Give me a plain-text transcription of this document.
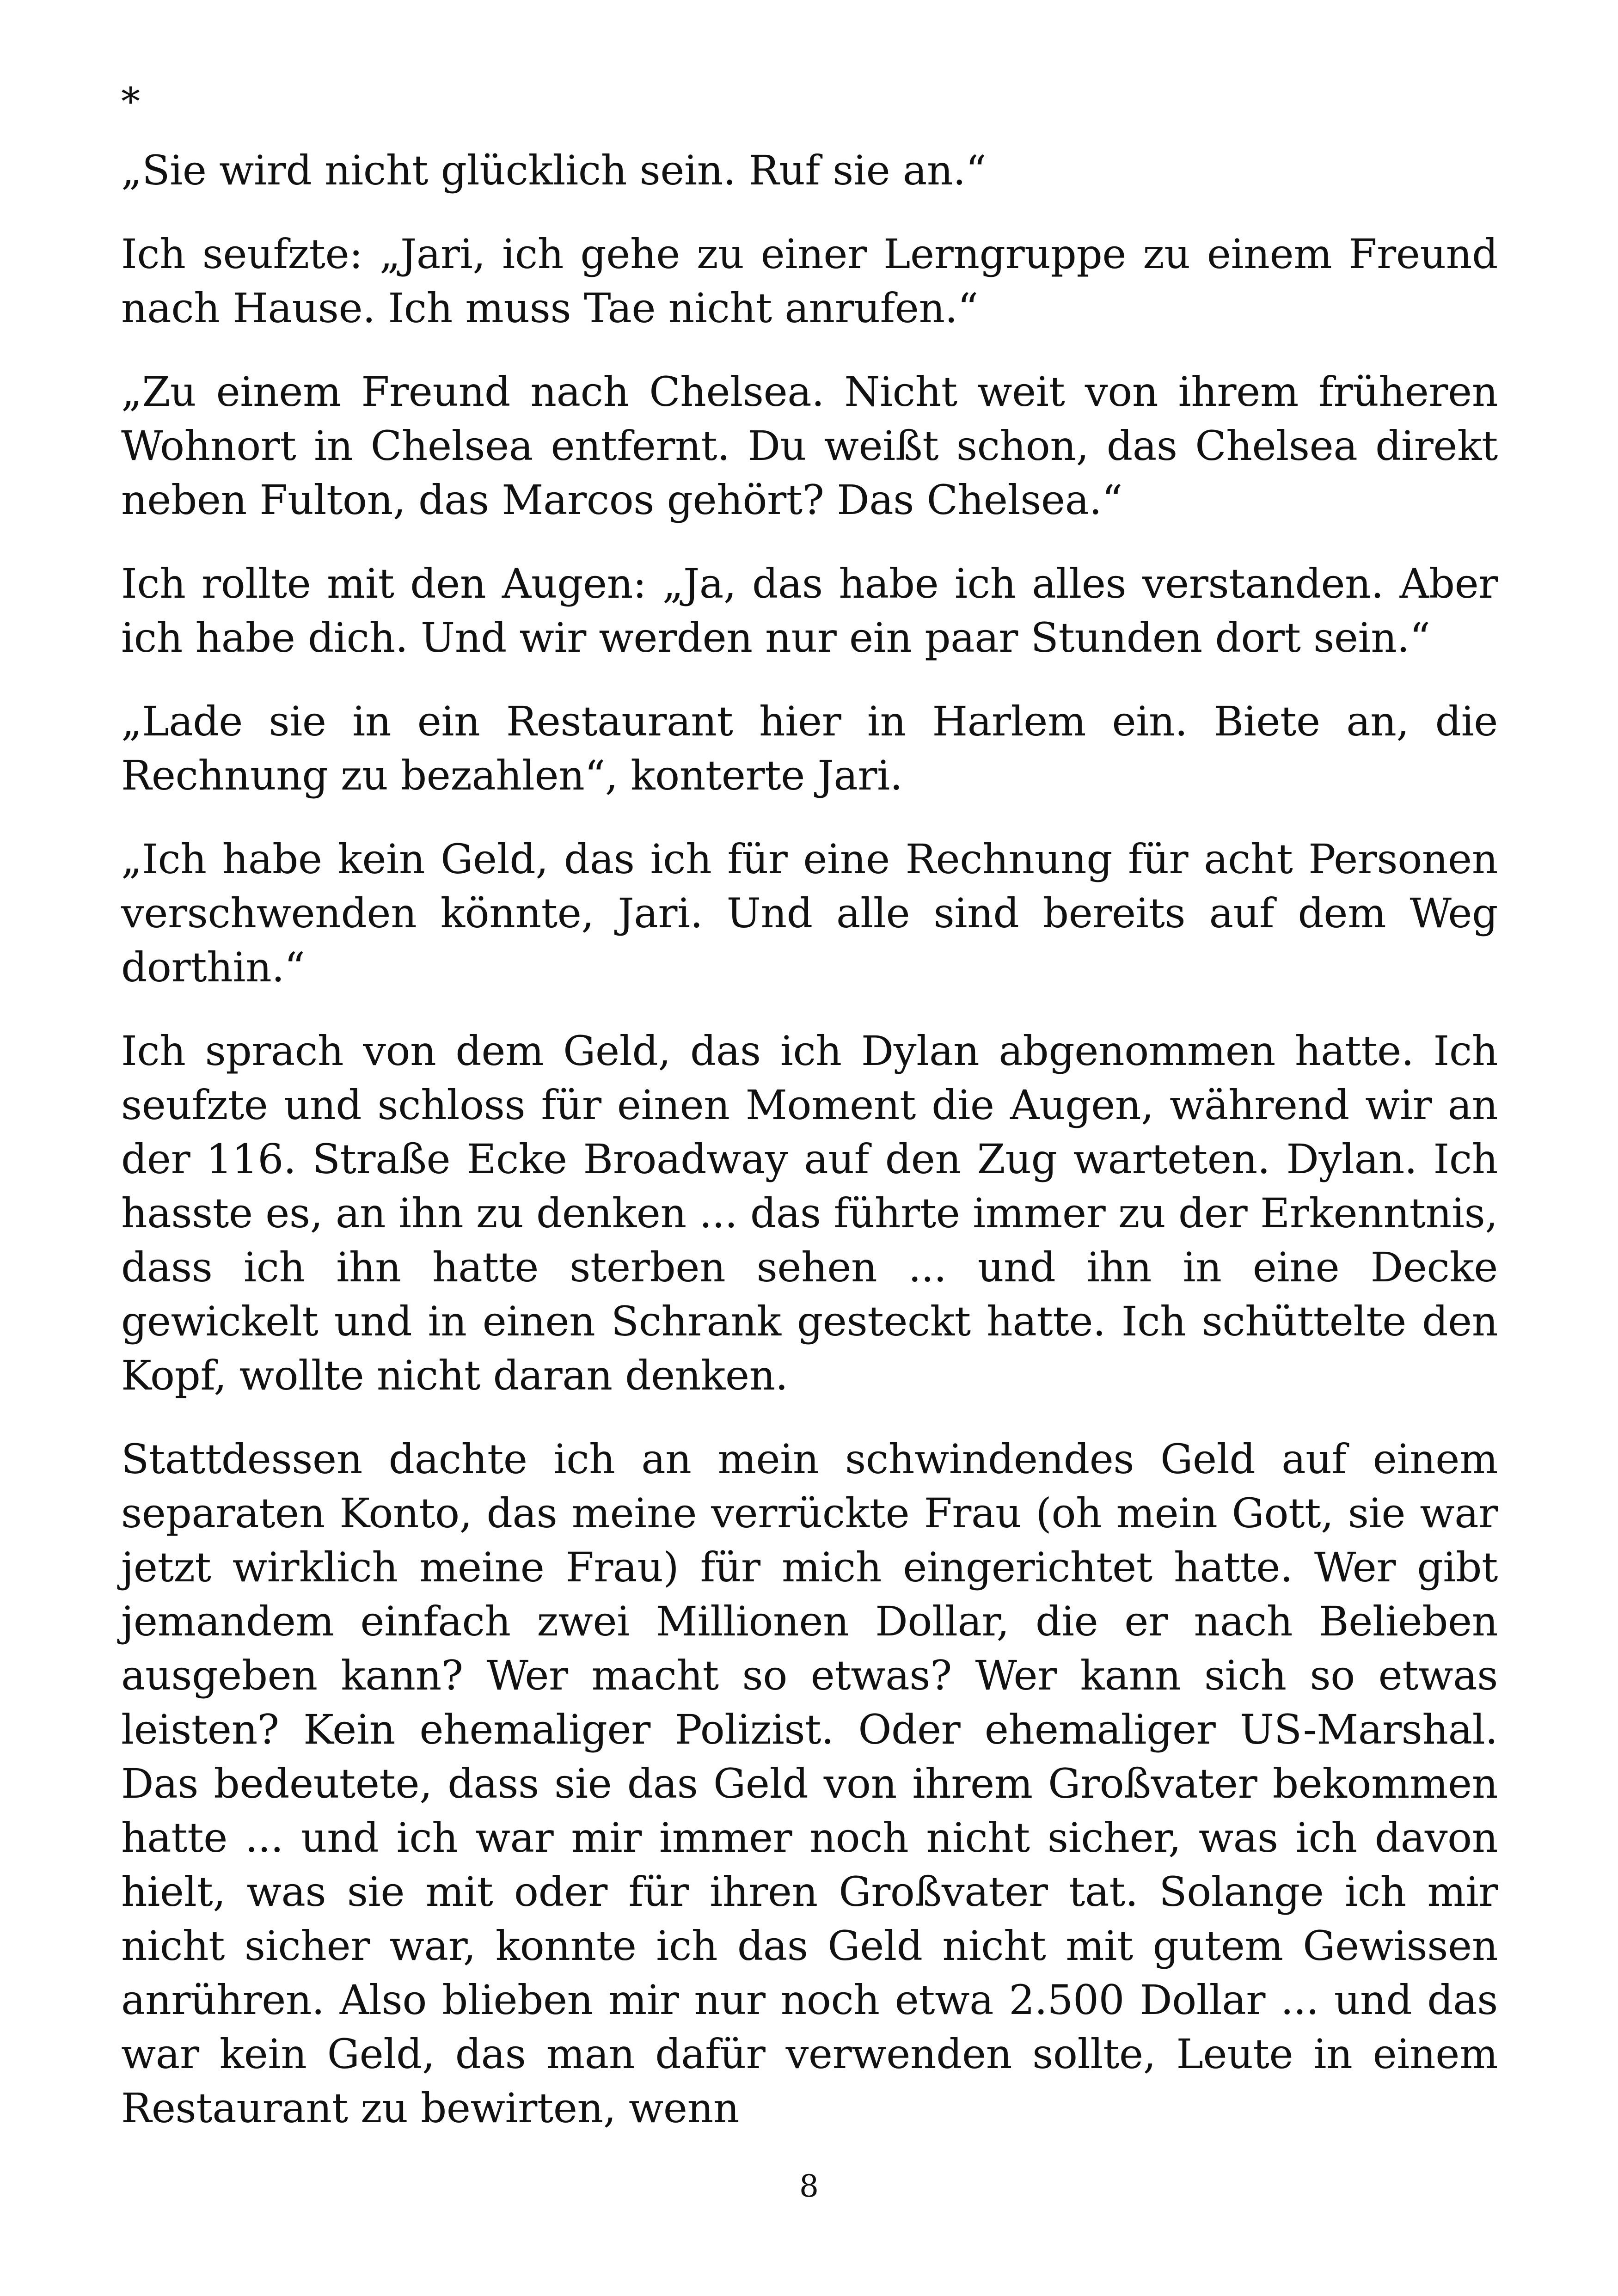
*

„Sie wird nicht glücklich sein. Ruf sie an.“

Ich seufzte: „Jari, ich gehe zu einer Lerngruppe zu einem Freund nach Hause. Ich muss Tae nicht anrufen.“

„Zu einem Freund nach Chelsea. Nicht weit von ihrem früheren Wohnort in Chelsea entfernt. Du weißt schon, das Chelsea direkt neben Fulton, das Marcos gehört? Das Chelsea.“

Ich rollte mit den Augen: „Ja, das habe ich alles verstanden. Aber ich habe dich. Und wir werden nur ein paar Stunden dort sein.“

„Lade sie in ein Restaurant hier in Harlem ein. Biete an, die Rechnung zu bezahlen“, konterte Jari.

„Ich habe kein Geld, das ich für eine Rechnung für acht Personen verschwenden könnte, Jari. Und alle sind bereits auf dem Weg dorthin.“

Ich sprach von dem Geld, das ich Dylan abgenommen hatte. Ich seufzte und schloss für einen Moment die Augen, während wir an der 116. Straße Ecke Broadway auf den Zug warteten. Dylan. Ich hasste es, an ihn zu denken ... das führte immer zu der Erkenntnis, dass ich ihn hatte sterben sehen ... und ihn in eine Decke gewickelt und in einen Schrank gesteckt hatte. Ich schüttelte den Kopf, wollte nicht daran denken.

Stattdessen dachte ich an mein schwindendes Geld auf einem separaten Konto, das meine verrückte Frau (oh mein Gott, sie war jetzt wirklich meine Frau) für mich eingerichtet hatte. Wer gibt jemandem einfach zwei Millionen Dollar, die er nach Belieben ausgeben kann? Wer macht so etwas? Wer kann sich so etwas leisten? Kein ehemaliger Polizist. Oder ehemaliger US-Marshal. Das bedeutete, dass sie das Geld von ihrem Großvater bekommen hatte ... und ich war mir immer noch nicht sicher, was ich davon hielt, was sie mit oder für ihren Großvater tat. Solange ich mir nicht sicher war, konnte ich das Geld nicht mit gutem Gewissen anrühren. Also blieben mir nur noch etwa 2.500 Dollar ... und das war kein Geld, das man dafür verwenden sollte, Leute in einem Restaurant zu bewirten, wenn

8
